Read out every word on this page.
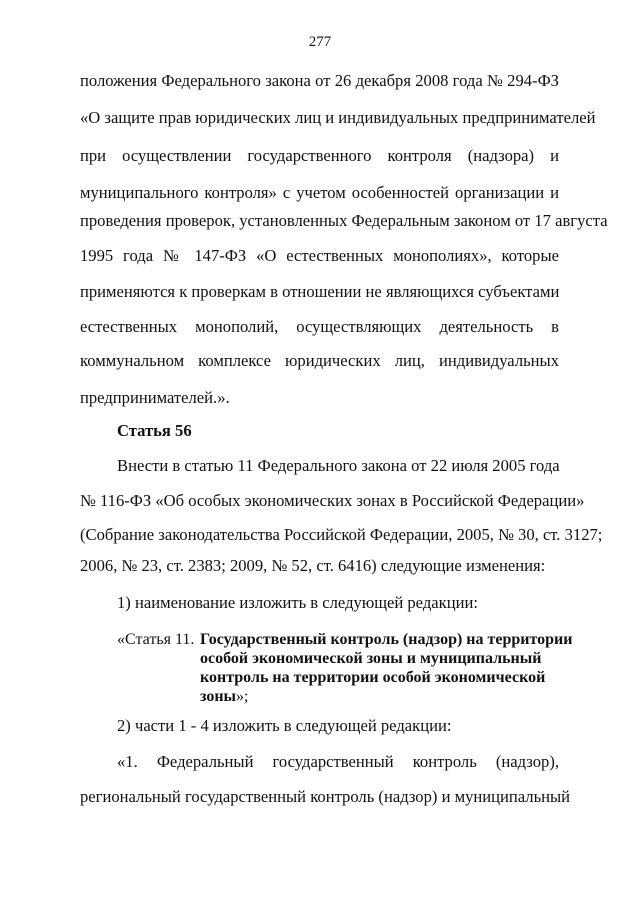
277
положения Федерального закона от 26 декабря 2008 года № 294-ФЗ
«О защите прав юридических лиц и индивидуальных предпринимателей
при осуществлении государственного контроля (надзора) и
муниципального контроля» с учетом особенностей организации и
проведения проверок, установленных Федеральным законом от 17 августа
1995 года № 147-ФЗ «О естественных монополиях», которые
применяются к проверкам в отношении не являющихся субъектами
естественных монополий, осуществляющих деятельность в
коммунальном комплексе юридических лиц, индивидуальных
предпринимателей.».
Статья 56
Внести в статью 11 Федерального закона от 22 июля 2005 года
№ 116-ФЗ «Об особых экономических зонах в Российской Федерации»
(Собрание законодательства Российской Федерации, 2005, № 30, ст. 3127;
2006, № 23, ст. 2383; 2009, № 52, ст. 6416) следующие изменения:
1) наименование изложить в следующей редакции:
«Статья 11. Государственный контроль (надзор) на территории
особой экономической зоны и муниципальный
контроль на территории особой экономической
зоны»;
2) части 1 - 4 изложить в следующей редакции:
«1. Федеральный государственный контроль (надзор),
региональный государственный контроль (надзор) и муниципальный
